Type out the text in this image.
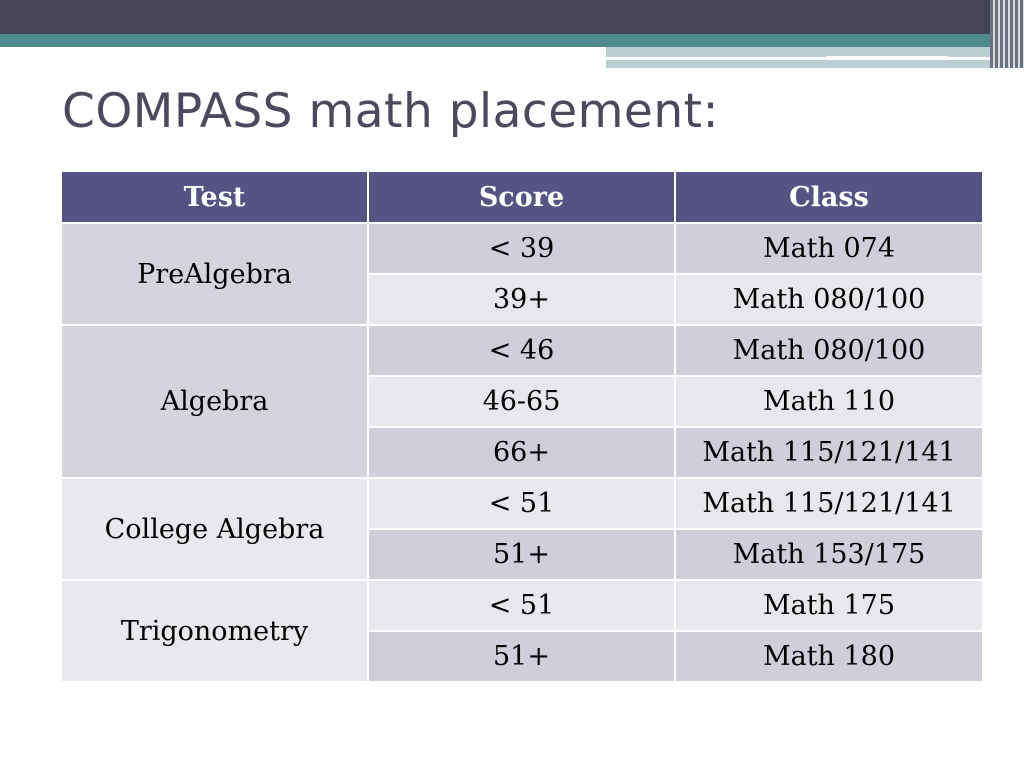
COMPASS math placement:
Test	Score	Class
PreAlgebra	< 39	Math 074
	39+	Math 080/100
Algebra	< 46	Math 080/100
	46-65	Math 110
	66+	Math 115/121/141
College Algebra	< 51	Math 115/121/141
	51+	Math 153/175
Trigonometry	< 51	Math 175
	51+	Math 180
